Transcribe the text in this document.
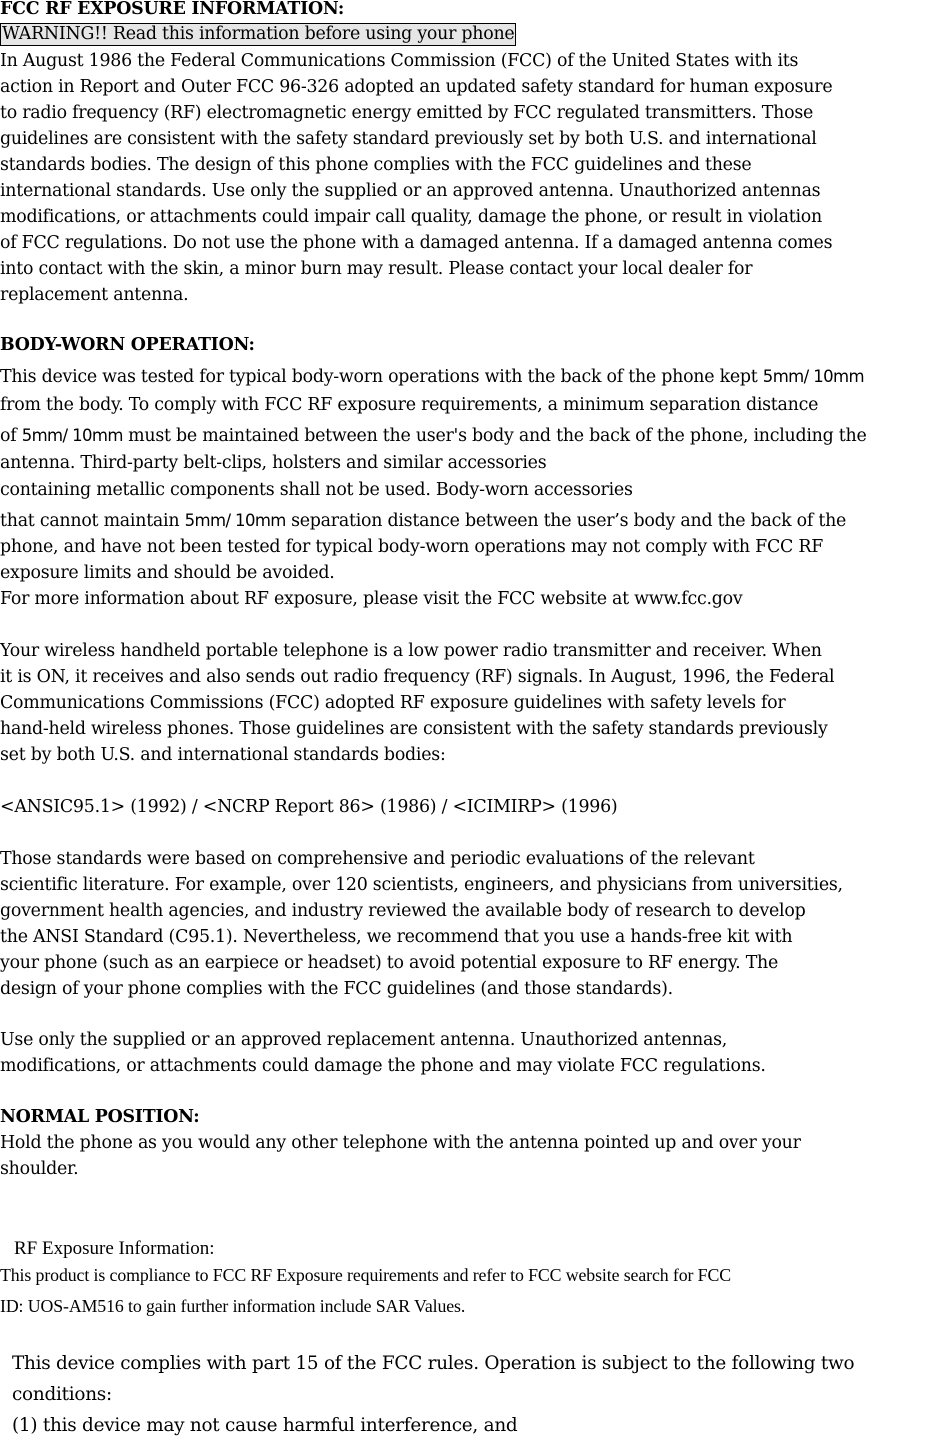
FCC RF EXPOSURE INFORMATION:
WARNING!! Read this information before using your phone
In August 1986 the Federal Communications Commission (FCC) of the United States with its
action in Report and Outer FCC 96-326 adopted an updated safety standard for human exposure
to radio frequency (RF) electromagnetic energy emitted by FCC regulated transmitters. Those
guidelines are consistent with the safety standard previously set by both U.S. and international
standards bodies. The design of this phone complies with the FCC guidelines and these
international standards. Use only the supplied or an approved antenna. Unauthorized antennas
modifications, or attachments could impair call quality, damage the phone, or result in violation
of FCC regulations. Do not use the phone with a damaged antenna. If a damaged antenna comes
into contact with the skin, a minor burn may result. Please contact your local dealer for
replacement antenna.
BODY-WORN OPERATION:
This device was tested for typical body-worn operations with the back of the phone kept 5mm/ 10mm
from the body. To comply with FCC RF exposure requirements, a minimum separation distance
of 5mm/ 10mm must be maintained between the user's body and the back of the phone, including the
antenna. Third-party belt-clips, holsters and similar accessories
containing metallic components shall not be used. Body-worn accessories
that cannot maintain 5mm/ 10mm separation distance between the user’s body and the back of the
phone, and have not been tested for typical body-worn operations may not comply with FCC RF
exposure limits and should be avoided.
For more information about RF exposure, please visit the FCC website at www.fcc.gov
Your wireless handheld portable telephone is a low power radio transmitter and receiver. When
it is ON, it receives and also sends out radio frequency (RF) signals. In August, 1996, the Federal
Communications Commissions (FCC) adopted RF exposure guidelines with safety levels for
hand-held wireless phones. Those guidelines are consistent with the safety standards previously
set by both U.S. and international standards bodies:
<ANSIC95.1> (1992) / <NCRP Report 86> (1986) / <ICIMIRP> (1996)
Those standards were based on comprehensive and periodic evaluations of the relevant
scientific literature. For example, over 120 scientists, engineers, and physicians from universities,
government health agencies, and industry reviewed the available body of research to develop
the ANSI Standard (C95.1). Nevertheless, we recommend that you use a hands-free kit with
your phone (such as an earpiece or headset) to avoid potential exposure to RF energy. The
design of your phone complies with the FCC guidelines (and those standards).
Use only the supplied or an approved replacement antenna. Unauthorized antennas,
modifications, or attachments could damage the phone and may violate FCC regulations.
NORMAL POSITION:
Hold the phone as you would any other telephone with the antenna pointed up and over your
shoulder.
RF Exposure Information:
This product is compliance to FCC RF Exposure requirements and refer to FCC website search for FCC
ID: UOS-AM516 to gain further information include SAR Values.
This device complies with part 15 of the FCC rules. Operation is subject to the following two
conditions:
(1) this device may not cause harmful interference, and
